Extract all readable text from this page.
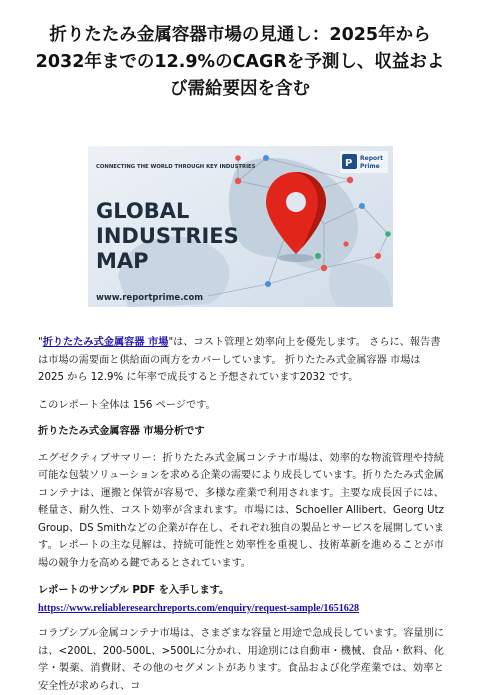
折りたたみ金属容器市場の見通し：2025年から2032年までの12.9%のCAGRを予測し、収益および需給要因を含む
CONNECTING THE WORLD THROUGH KEY INDUSTRIES
GLOBAL
INDUSTRIES
MAP
www.reportprime.com
P Report
Prime

"折りたたみ式金属容器 市場"は、コスト管理と効率向上を優先します。 さらに、報告書は市場の需要面と供給面の両方をカバーしています。 折りたたみ式金属容器 市場は 2025 から 12.9% に年率で成長すると予想されています2032 です。

このレポート全体は 156 ページです。

折りたたみ式金属容器 市場分析です

エグゼクティブサマリー：折りたたみ式金属コンテナ市場は、効率的な物流管理や持続可能な包装ソリューションを求める企業の需要により成長しています。折りたたみ式金属コンテナは、運搬と保管が容易で、多様な産業で利用されます。主要な成長因子には、軽量さ、耐久性、コスト効率が含まれます。市場には、Schoeller Allibert、Georg Utz Group、DS Smithなどの企業が存在し、それぞれ独自の製品とサービスを展開しています。レポートの主な見解は、持続可能性と効率性を重視し、技術革新を進めることが市場の競争力を高める鍵であるとされています。

レポートのサンプル PDF を入手します。 https://www.reliableresearchreports.com/enquiry/request-sample/1651628

コラプシブル金属コンテナ市場は、さまざまな容量と用途で急成長しています。容量別には、<200L、200-500L、>500Lに分かれ、用途別には自動車・機械、食品・飲料、化学・製薬、消費財、その他のセグメントがあります。食品および化学産業では、効率と安全性が求められ、コ
